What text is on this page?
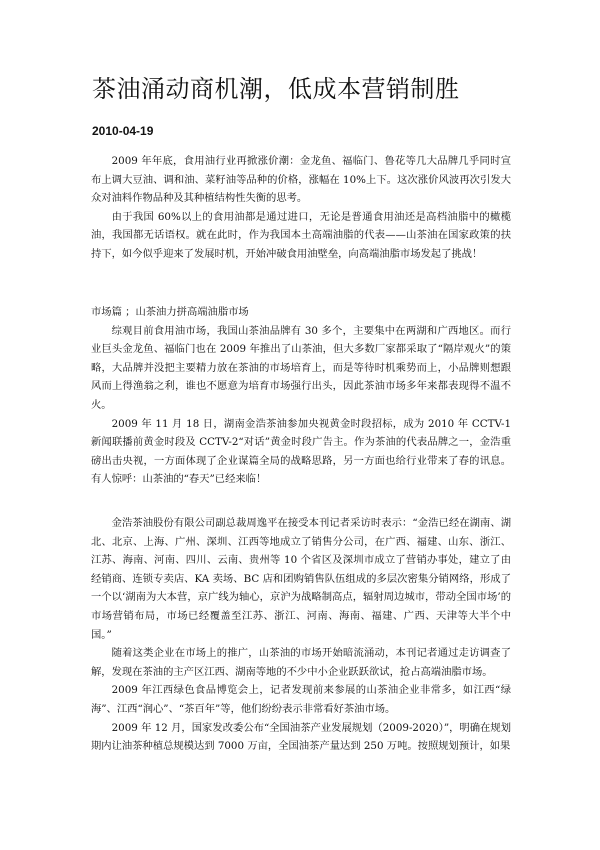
茶油涌动商机潮，低成本营销制胜

2010-04-19

2009 年年底，食用油行业再掀涨价潮：金龙鱼、福临门、鲁花等几大品牌几乎同时宣布上调大豆油、调和油、菜籽油等品种的价格，涨幅在 10%上下。这次涨价风波再次引发大众对油料作物品种及其种植结构性失衡的思考。

由于我国 60%以上的食用油都是通过进口，无论是普通食用油还是高档油脂中的橄榄油，我国都无话语权。就在此时，作为我国本土高端油脂的代表——山茶油在国家政策的扶持下，如今似乎迎来了发展时机，开始冲破食用油壁垒，向高端油脂市场发起了挑战！

市场篇 ；山茶油力拼高端油脂市场

综观目前食用油市场，我国山茶油品牌有 30 多个，主要集中在两湖和广西地区。而行业巨头金龙鱼、福临门也在 2009 年推出了山茶油，但大多数厂家都采取了“隔岸观火”的策略，大品牌并没把主要精力放在茶油的市场培育上，而是等待时机乘势而上，小品牌则想跟风而上得渔翁之利，谁也不愿意为培育市场强行出头，因此茶油市场多年来都表现得不温不火。

2009 年 11 月 18 日，湖南金浩茶油参加央视黄金时段招标，成为 2010 年 CCTV-1 新闻联播前黄金时段及 CCTV-2“对话”黄金时段广告主。作为茶油的代表品牌之一，金浩重磅出击央视，一方面体现了企业谋篇全局的战略思路，另一方面也给行业带来了春的讯息。有人惊呼：山茶油的“春天”已经来临！

金浩茶油股份有限公司副总裁周逸平在接受本刊记者采访时表示：“金浩已经在湖南、湖北、北京、上海、广州、深圳、江西等地成立了销售分公司，在广西、福建、山东、浙江、江苏、海南、河南、四川、云南、贵州等 10 个省区及深圳市成立了营销办事处，建立了由经销商、连锁专卖店、KA 卖场、BC 店和团购销售队伍组成的多层次密集分销网络，形成了一个以‘湖南为大本营，京广线为轴心，京沪为战略制高点，辐射周边城市，带动全国市场’的市场营销布局，市场已经覆盖至江苏、浙江、河南、海南、福建、广西、天津等大半个中国。”

随着这类企业在市场上的推广，山茶油的市场开始暗流涌动，本刊记者通过走访调查了解，发现在茶油的主产区江西、湖南等地的不少中小企业跃跃欲试，抢占高端油脂市场。

2009 年江西绿色食品博览会上，记者发现前来参展的山茶油企业非常多，如江西“绿海”、江西“润心”、“茶百年”等，他们纷纷表示非常看好茶油市场。

2009 年 12 月，国家发改委公布“全国油茶产业发展规划（2009-2020）”，明确在规划期内让油茶种植总规模达到 7000 万亩，全国油茶产量达到 250 万吨。按照规划预计，如果
